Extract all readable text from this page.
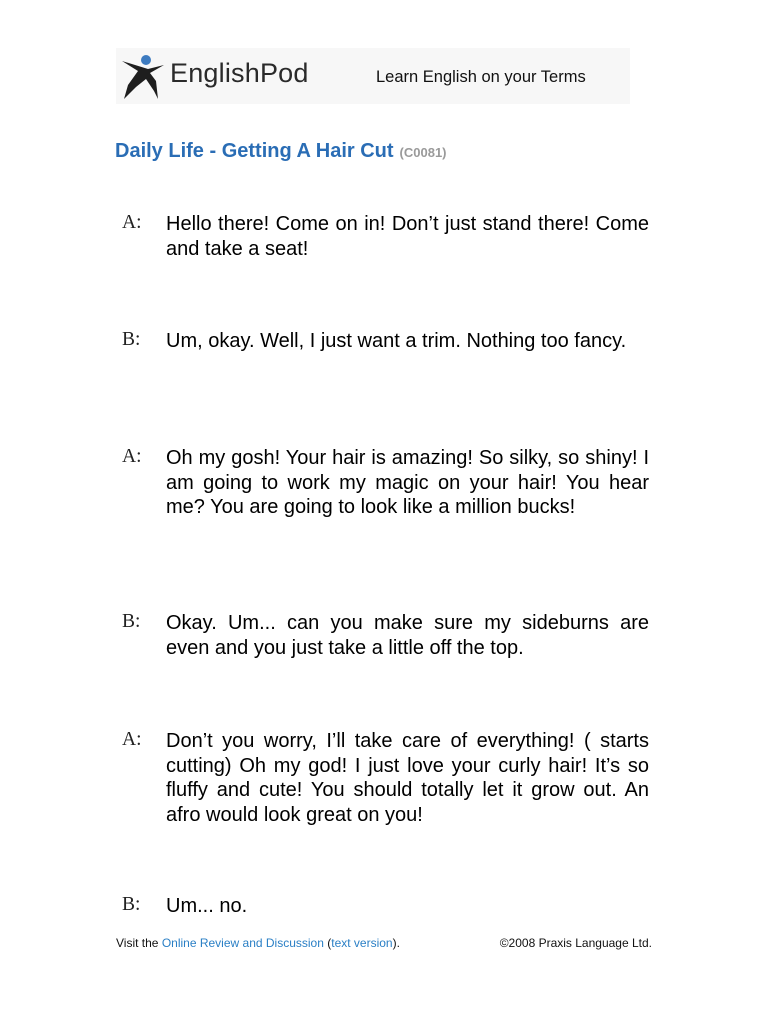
EnglishPod	Learn English on your Terms
Daily Life - Getting A Hair Cut (C0081)
A: Hello there! Come on in! Don’t just stand there! Come and take a seat!
B: Um, okay. Well, I just want a trim. Nothing too fancy.
A: Oh my gosh! Your hair is amazing! So silky, so shiny! I am going to work my magic on your hair! You hear me? You are going to look like a million bucks!
B: Okay. Um... can you make sure my sideburns are even and you just take a little off the top.
A: Don’t you worry, I’ll take care of everything! ( starts cutting) Oh my god! I just love your curly hair! It’s so fluffy and cute! You should totally let it grow out. An afro would look great on you!
B: Um... no.
Visit the Online Review and Discussion (text version).	©2008 Praxis Language Ltd.
